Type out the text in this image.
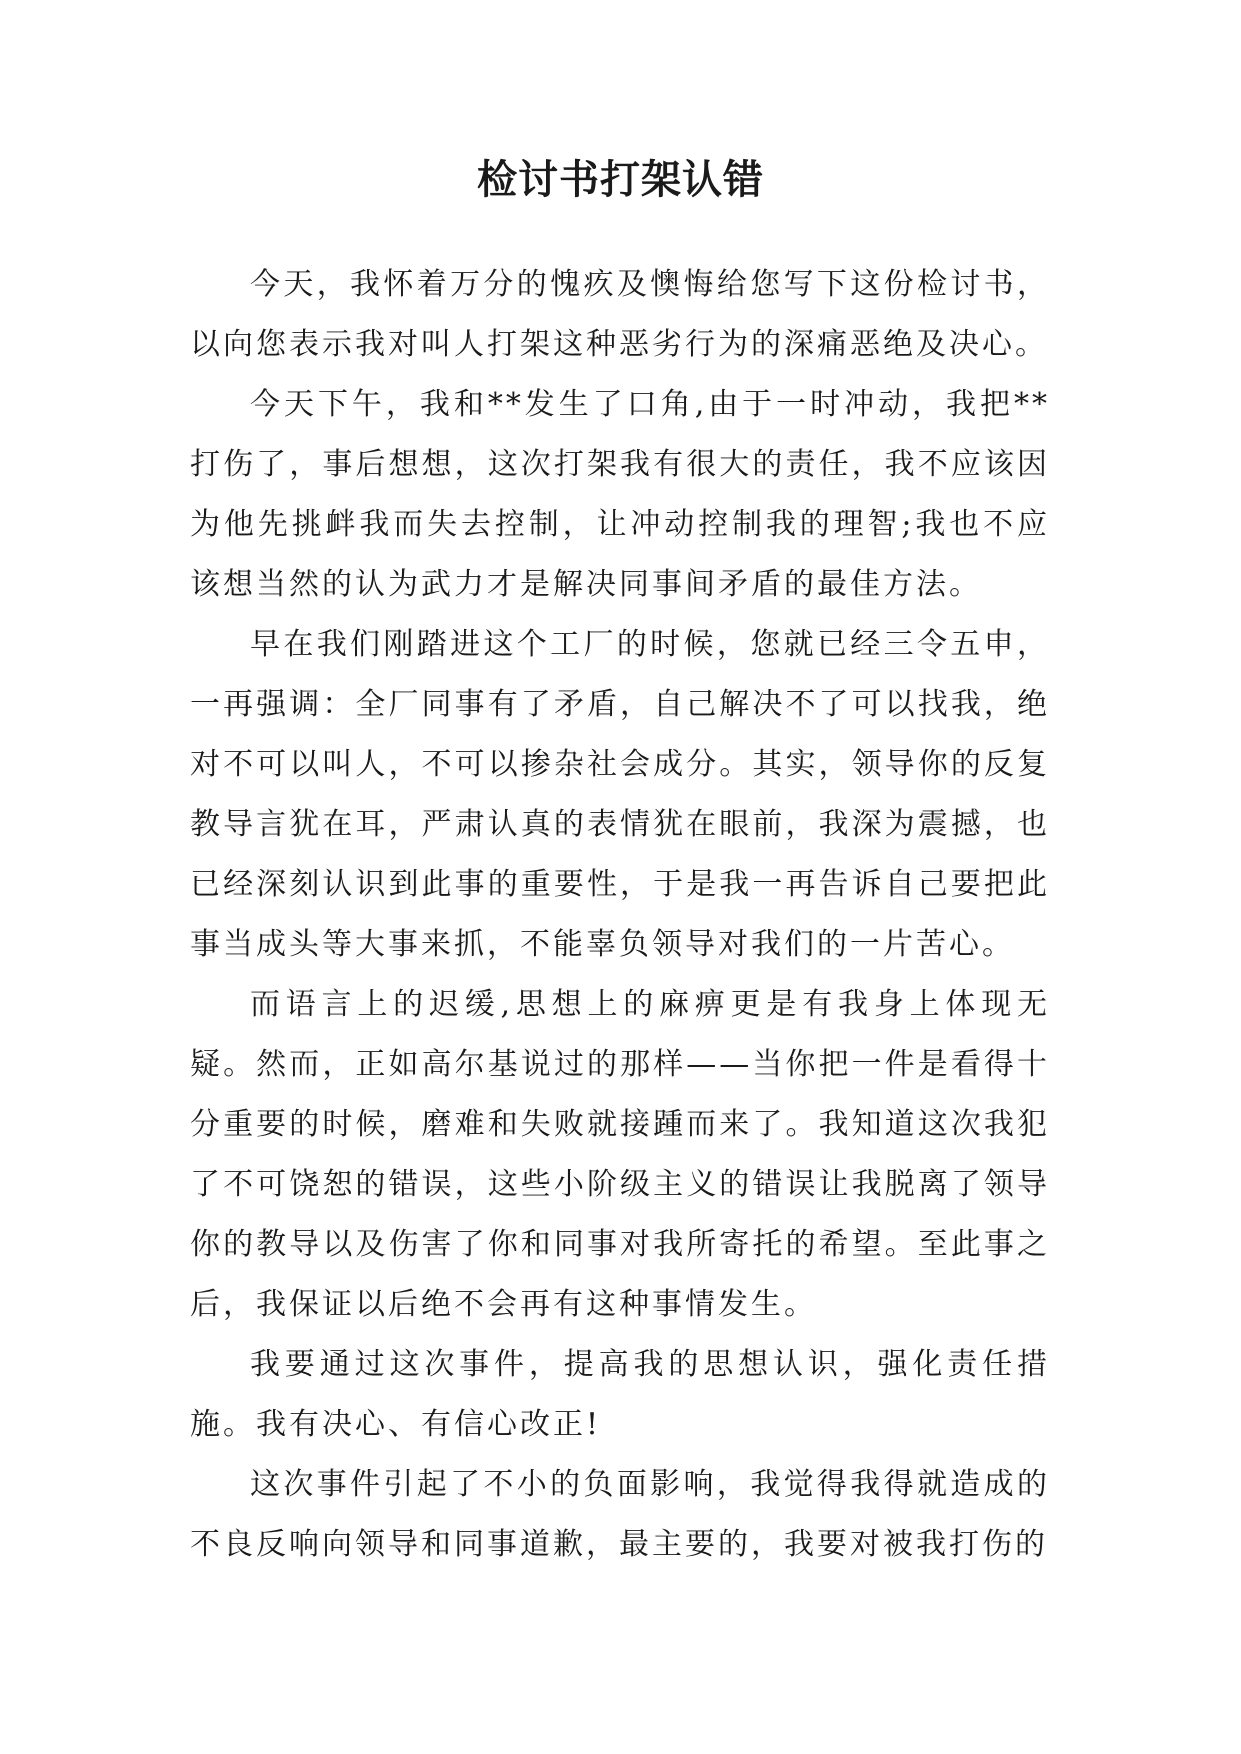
检讨书打架认错

今天，我怀着万分的愧疚及懊悔给您写下这份检讨书，以向您表示我对叫人打架这种恶劣行为的深痛恶绝及决心。

今天下午，我和**发生了口角,由于一时冲动，我把**打伤了，事后想想，这次打架我有很大的责任，我不应该因为他先挑衅我而失去控制，让冲动控制我的理智;我也不应该想当然的认为武力才是解决同事间矛盾的最佳方法。

早在我们刚踏进这个工厂的时候，您就已经三令五申，一再强调：全厂同事有了矛盾，自己解决不了可以找我，绝对不可以叫人，不可以掺杂社会成分。其实，领导你的反复教导言犹在耳，严肃认真的表情犹在眼前，我深为震撼，也已经深刻认识到此事的重要性，于是我一再告诉自己要把此事当成头等大事来抓，不能辜负领导对我们的一片苦心。

而语言上的迟缓,思想上的麻痹更是有我身上体现无疑。然而，正如高尔基说过的那样——当你把一件是看得十分重要的时候，磨难和失败就接踵而来了。我知道这次我犯了不可饶恕的错误，这些小阶级主义的错误让我脱离了领导你的教导以及伤害了你和同事对我所寄托的希望。至此事之后，我保证以后绝不会再有这种事情发生。

我要通过这次事件，提高我的思想认识，强化责任措施。我有决心、有信心改正!

这次事件引起了不小的负面影响，我觉得我得就造成的不良反响向领导和同事道歉，最主要的，我要对被我打伤的
